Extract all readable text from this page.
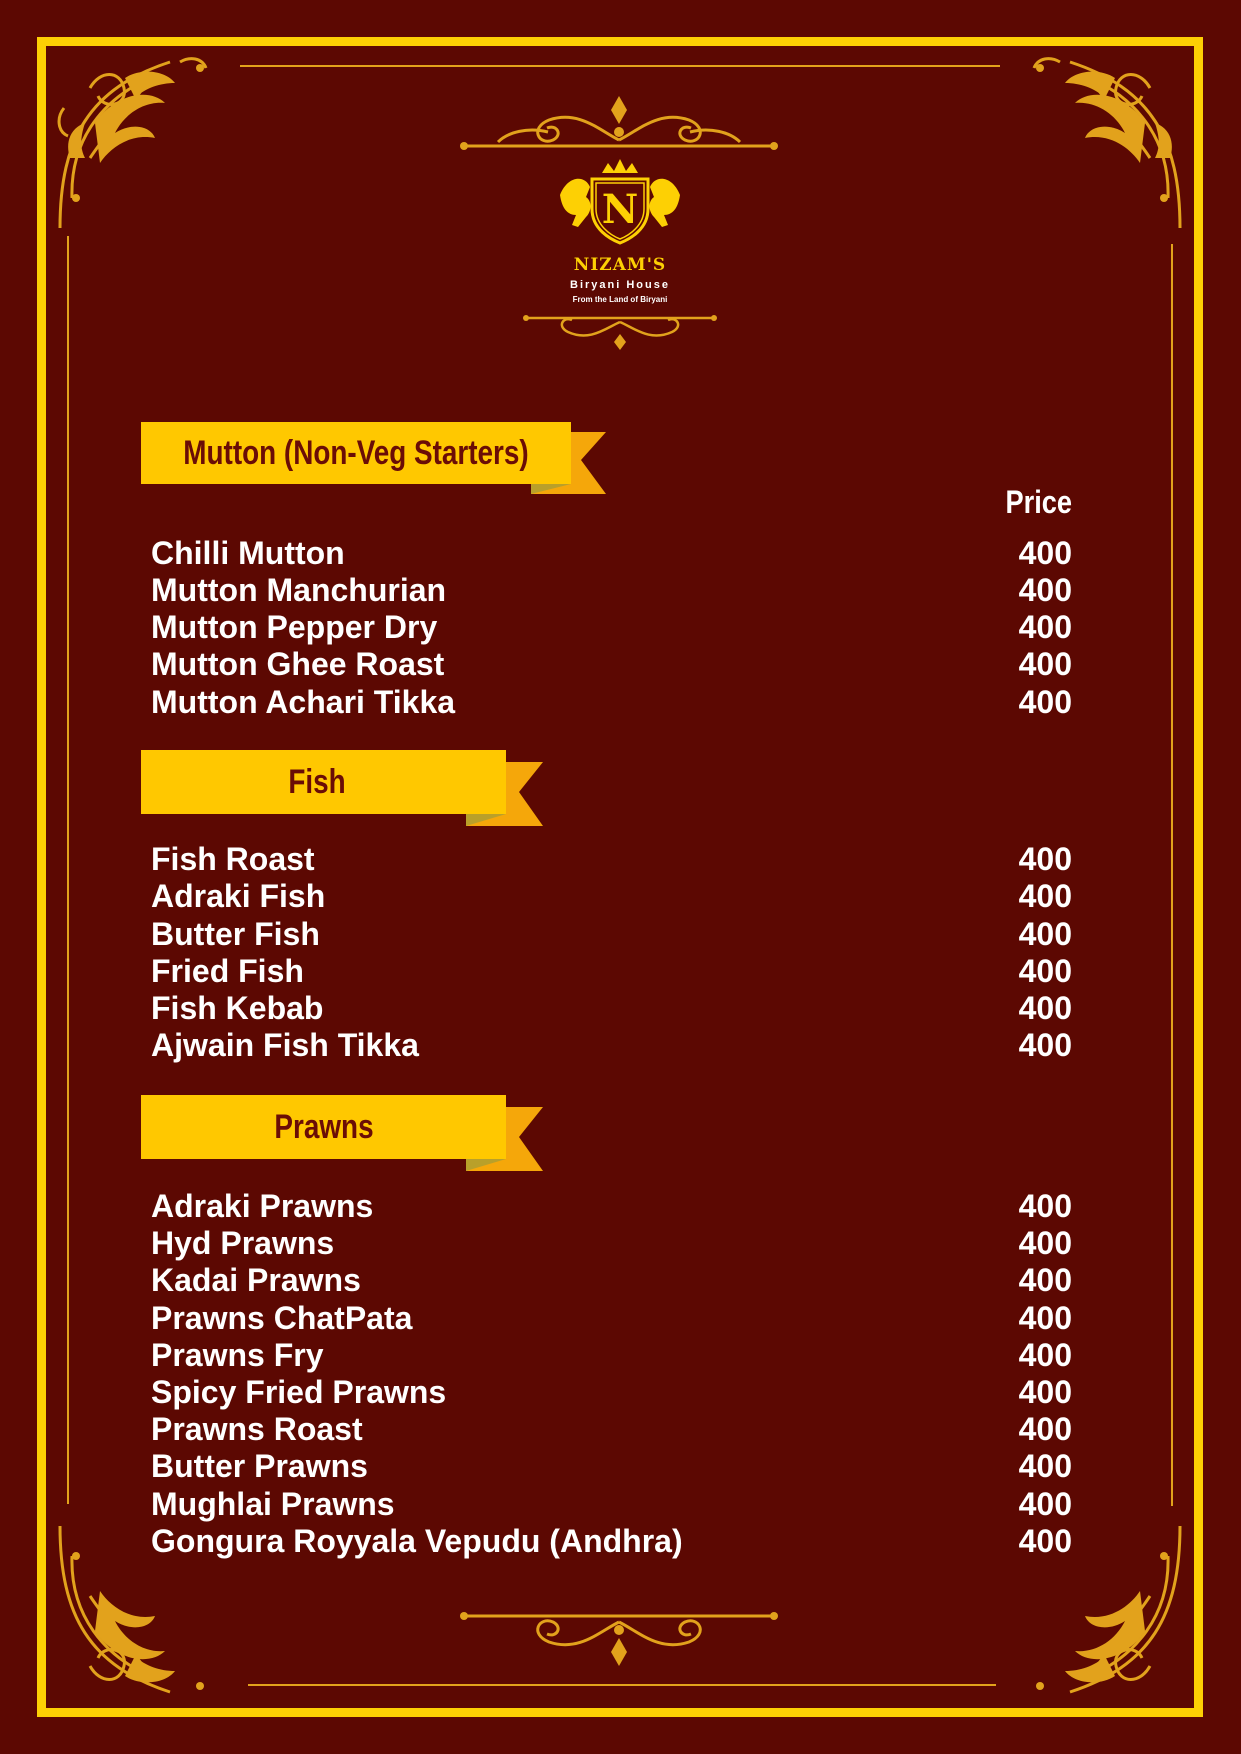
N
NIZAM'S
Biryani House
From the Land of Biryani
Mutton (Non-Veg Starters)
Price
Chilli Mutton	400
Mutton Manchurian	400
Mutton Pepper Dry	400
Mutton Ghee Roast	400
Mutton Achari Tikka	400
Fish
Fish Roast	400
Adraki Fish	400
Butter Fish	400
Fried Fish	400
Fish Kebab	400
Ajwain Fish Tikka	400
Prawns
Adraki Prawns	400
Hyd Prawns	400
Kadai Prawns	400
Prawns ChatPata	400
Prawns Fry	400
Spicy Fried Prawns	400
Prawns Roast	400
Butter Prawns	400
Mughlai Prawns	400
Gongura Royyala Vepudu (Andhra)	400
